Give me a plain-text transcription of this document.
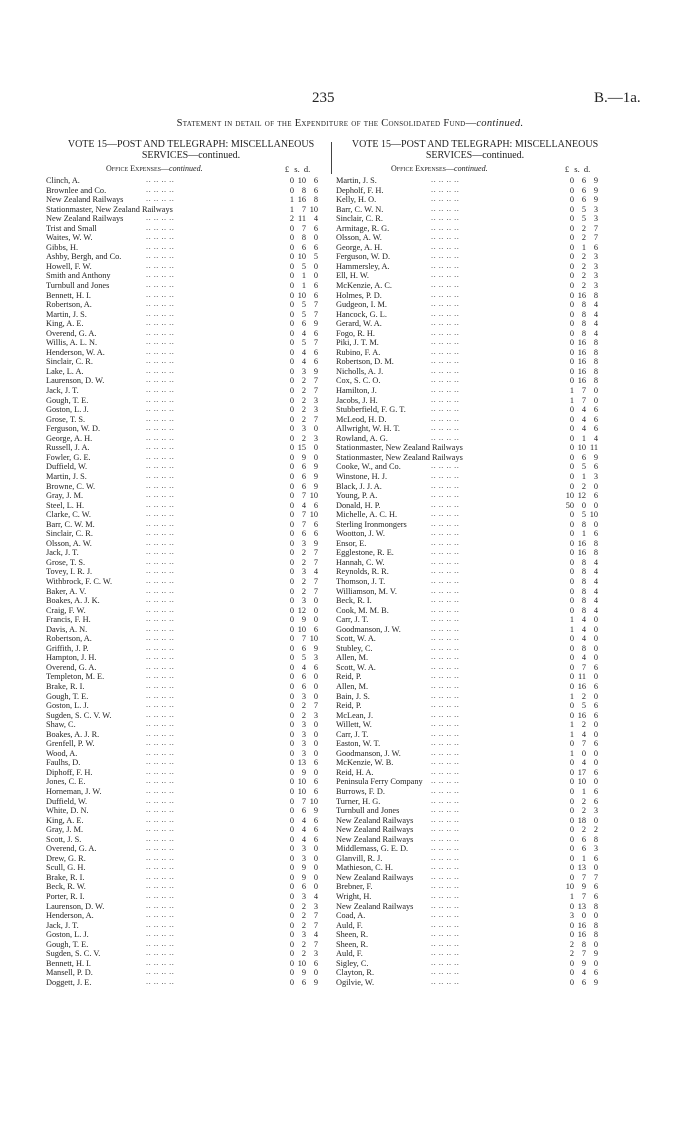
235	B.—1a.
Statement in detail of the Expenditure of the Consolidated Fund—continued.

VOTE 15—POST AND TELEGRAPH: MISCELLANEOUS

SERVICES—continued.

Office Expenses—continued.	£ s. d.
Clinch, A.	.. .. .. ..	0 10 6
Brownlee and Co.	.. .. .. ..	0 8 6
New Zealand Railways	.. .. .. ..	1 16 8
Stationmaster, New Zealand Railways	1 7 10
New Zealand Railways	.. .. .. ..	2 11 4
Trist and Small	.. .. .. ..	0 7 6
Waites, W. W.	.. .. .. ..	0 8 0
Gibbs, H.	.. .. .. ..	0 6 6
Ashby, Bergh, and Co.	.. .. .. ..	0 10 5
Howell, F. W.	.. .. .. ..	0 5 0
Smith and Anthony	.. .. .. ..	0 1 0
Turnbull and Jones	.. .. .. ..	0 1 6
Bennett, H. I.	.. .. .. ..	0 10 6
Robertson, A.	.. .. .. ..	0 5 7
Martin, J. S.	.. .. .. ..	0 5 7
King, A. E.	.. .. .. ..	0 6 9
Overend, G. A.	.. .. .. ..	0 4 6
Willis, A. L. N.	.. .. .. ..	0 5 7
Henderson, W. A.	.. .. .. ..	0 4 6
Sinclair, C. R.	.. .. .. ..	0 4 6
Lake, L. A.	.. .. .. ..	0 3 9
Laurenson, D. W.	.. .. .. ..	0 2 7
Jack, J. T.	.. .. .. ..	0 2 7
Gough, T. E.	.. .. .. ..	0 2 3
Goston, L. J.	.. .. .. ..	0 2 3
Grose, T. S.	.. .. .. ..	0 2 7
Ferguson, W. D.	.. .. .. ..	0 3 0
George, A. H.	.. .. .. ..	0 2 3
Russell, J. A.	.. .. .. ..	0 15 0
Fowler, G. E.	.. .. .. ..	0 9 0
Duffield, W.	.. .. .. ..	0 6 9
Martin, J. S.	.. .. .. ..	0 6 9
Browne, C. W.	.. .. .. ..	0 6 9
Gray, J. M.	.. .. .. ..	0 7 10
Steel, L. H.	.. .. .. ..	0 4 6
Clarke, C. W.	.. .. .. ..	0 7 10
Barr, C. W. M.	.. .. .. ..	0 7 6
Sinclair, C. R.	.. .. .. ..	0 6 6
Olsson, A. W.	.. .. .. ..	0 3 9
Jack, J. T.	.. .. .. ..	0 2 7
Grose, T. S.	.. .. .. ..	0 2 7
Tovey, I. R. J.	.. .. .. ..	0 3 4
Withbrock, F. C. W.	.. .. .. ..	0 2 7
Baker, A. V.	.. .. .. ..	0 2 7
Boakes, A. J. K.	.. .. .. ..	0 3 0
Craig, F. W.	.. .. .. ..	0 12 0
Francis, F. H.	.. .. .. ..	0 9 0
Davis, A. N.	.. .. .. ..	0 10 6
Robertson, A.	.. .. .. ..	0 7 10
Griffith, J. P.	.. .. .. ..	0 6 9
Hampton, J. H.	.. .. .. ..	0 5 3
Overend, G. A.	.. .. .. ..	0 4 6
Templeton, M. E.	.. .. .. ..	0 6 0
Brake, R. I.	.. .. .. ..	0 6 0
Gough, T. E.	.. .. .. ..	0 3 0
Goston, L. J.	.. .. .. ..	0 2 7
Sugden, S. C. V. W.	.. .. .. ..	0 2 3
Shaw, C.	.. .. .. ..	0 3 0
Boakes, A. J. R.	.. .. .. ..	0 3 0
Grenfell, P. W.	.. .. .. ..	0 3 0
Wood, A.	.. .. .. ..	0 3 0
Faulhs, D.	.. .. .. ..	0 13 6
Diphoff, F. H.	.. .. .. ..	0 9 0
Jones, C. E.	.. .. .. ..	0 10 6
Horneman, J. W.	.. .. .. ..	0 10 6
Duffield, W.	.. .. .. ..	0 7 10
White, D. N.	.. .. .. ..	0 6 9
King, A. E.	.. .. .. ..	0 4 6
Gray, J. M.	.. .. .. ..	0 4 6
Scott, J. S.	.. .. .. ..	0 4 6
Overend, G. A.	.. .. .. ..	0 3 0
Drew, G. R.	.. .. .. ..	0 3 0
Scull, G. H.	.. .. .. ..	0 9 0
Brake, R. I.	.. .. .. ..	0 9 0
Beck, R. W.	.. .. .. ..	0 6 0
Porter, R. I.	.. .. .. ..	0 3 4
Laurenson, D. W.	.. .. .. ..	0 2 3
Henderson, A.	.. .. .. ..	0 2 7
Jack, J. T.	.. .. .. ..	0 2 7
Goston, L. J.	.. .. .. ..	0 3 4
Gough, T. E.	.. .. .. ..	0 2 7
Sugden, S. C. V.	.. .. .. ..	0 2 3
Bennett, H. I.	.. .. .. ..	0 10 6
Mansell, P. D.	.. .. .. ..	0 9 0
Doggett, J. E.	.. .. .. ..	0 6 9

VOTE 15—POST AND TELEGRAPH: MISCELLANEOUS

SERVICES—continued.

Office Expenses—continued.	£ s. d.
Martin, J. S.	.. .. .. ..	0 6 9
Depholf, F. H.	.. .. .. ..	0 6 9
Kelly, H. O.	.. .. .. ..	0 6 9
Barr, C. W. N.	.. .. .. ..	0 5 3
Sinclair, C. R.	.. .. .. ..	0 5 3
Armitage, R. G.	.. .. .. ..	0 2 7
Olsson, A. W.	.. .. .. ..	0 2 7
George, A. H.	.. .. .. ..	0 1 6
Ferguson, W. D.	.. .. .. ..	0 2 3
Hammersley, A.	.. .. .. ..	0 2 3
Ell, H. W.	.. .. .. ..	0 2 3
McKenzie, A. C.	.. .. .. ..	0 2 3
Holmes, P. D.	.. .. .. ..	0 16 8
Gudgeon, I. M.	.. .. .. ..	0 8 4
Hancock, G. L.	.. .. .. ..	0 8 4
Gerard, W. A.	.. .. .. ..	0 8 4
Fogo, R. H.	.. .. .. ..	0 8 4
Piki, J. T. M.	.. .. .. ..	0 16 8
Rubino, F. A.	.. .. .. ..	0 16 8
Robertson, D. M.	.. .. .. ..	0 16 8
Nicholls, A. J.	.. .. .. ..	0 16 8
Cox, S. C. O.	.. .. .. ..	0 16 8
Hamilton, J.	.. .. .. ..	1 7 0
Jacobs, J. H.	.. .. .. ..	1 7 0
Stubberfield, F. G. T.	.. .. .. ..	0 4 6
McLeod, H. D.	.. .. .. ..	0 4 6
Allwright, W. H. T.	.. .. .. ..	0 4 6
Rowland, A. G.	.. .. .. ..	0 1 4
Stationmaster, New Zealand Railways	0 10 11
Stationmaster, New Zealand Railways	0 6 9
Cooke, W., and Co.	.. .. .. ..	0 5 6
Winstone, H. J.	.. .. .. ..	0 1 3
Black, J. J. A.	.. .. .. ..	0 2 0
Young, P. A.	.. .. .. ..	10 12 6
Donald, H. P.	.. .. .. ..	50 0 0
Michelle, A. C. H.	.. .. .. ..	0 5 10
Sterling Ironmongers	.. .. .. ..	0 8 0
Wootton, J. W.	.. .. .. ..	0 1 6
Ensor, E.	.. .. .. ..	0 16 8
Egglestone, R. E.	.. .. .. ..	0 16 8
Hannah, C. W.	.. .. .. ..	0 8 4
Reynolds, R. R.	.. .. .. ..	0 8 4
Thomson, J. T.	.. .. .. ..	0 8 4
Williamson, M. V.	.. .. .. ..	0 8 4
Beck, R. I.	.. .. .. ..	0 8 4
Cook, M. M. B.	.. .. .. ..	0 8 4
Carr, J. T.	.. .. .. ..	1 4 0
Goodmanson, J. W.	.. .. .. ..	1 4 0
Scott, W. A.	.. .. .. ..	0 4 0
Stubley, C.	.. .. .. ..	0 8 0
Allen, M.	.. .. .. ..	0 4 0
Scott, W. A.	.. .. .. ..	0 7 6
Reid, P.	.. .. .. ..	0 11 0
Allen, M.	.. .. .. ..	0 16 6
Bain, J. S.	.. .. .. ..	1 2 0
Reid, P.	.. .. .. ..	0 5 6
McLean, J.	.. .. .. ..	0 16 6
Willett, W.	.. .. .. ..	1 2 0
Carr, J. T.	.. .. .. ..	1 4 0
Easton, W. T.	.. .. .. ..	0 7 6
Goodmanson, J. W.	.. .. .. ..	1 0 0
McKenzie, W. B.	.. .. .. ..	0 4 0
Reid, H. A.	.. .. .. ..	0 17 6
Peninsula Ferry Company .. .. .. ..	0 10 0
Burrows, F. D.	.. .. .. ..	0 1 6
Turner, H. G.	.. .. .. ..	0 2 6
Turnbull and Jones	.. .. .. ..	0 2 3
New Zealand Railways .. .. .. ..	0 18 0
New Zealand Railways .. .. .. ..	0 2 2
New Zealand Railways .. .. .. ..	0 6 8
Middlemass, G. E. D.	.. .. .. ..	0 6 3
Glanvill, R. J.	.. .. .. ..	0 1 6
Mathieson, C. H.	.. .. .. ..	0 13 0
New Zealand Railways .. .. .. ..	0 7 7
Brebner, F.	.. .. .. ..	10 9 6
Wright, H.	.. .. .. ..	1 7 6
New Zealand Railways .. .. .. ..	0 13 8
Coad, A.	.. .. .. ..	3 0 0
Auld, F.	.. .. .. ..	0 16 8
Sheen, R.	.. .. .. ..	0 16 8
Sheen, R.	.. .. .. ..	2 8 0
Auld, F.	.. .. .. ..	2 7 9
Sigley, C.	.. .. .. ..	0 9 0
Clayton, R.	.. .. .. ..	0 4 6
Ogilvie, W.	.. .. .. ..	0 6 9
